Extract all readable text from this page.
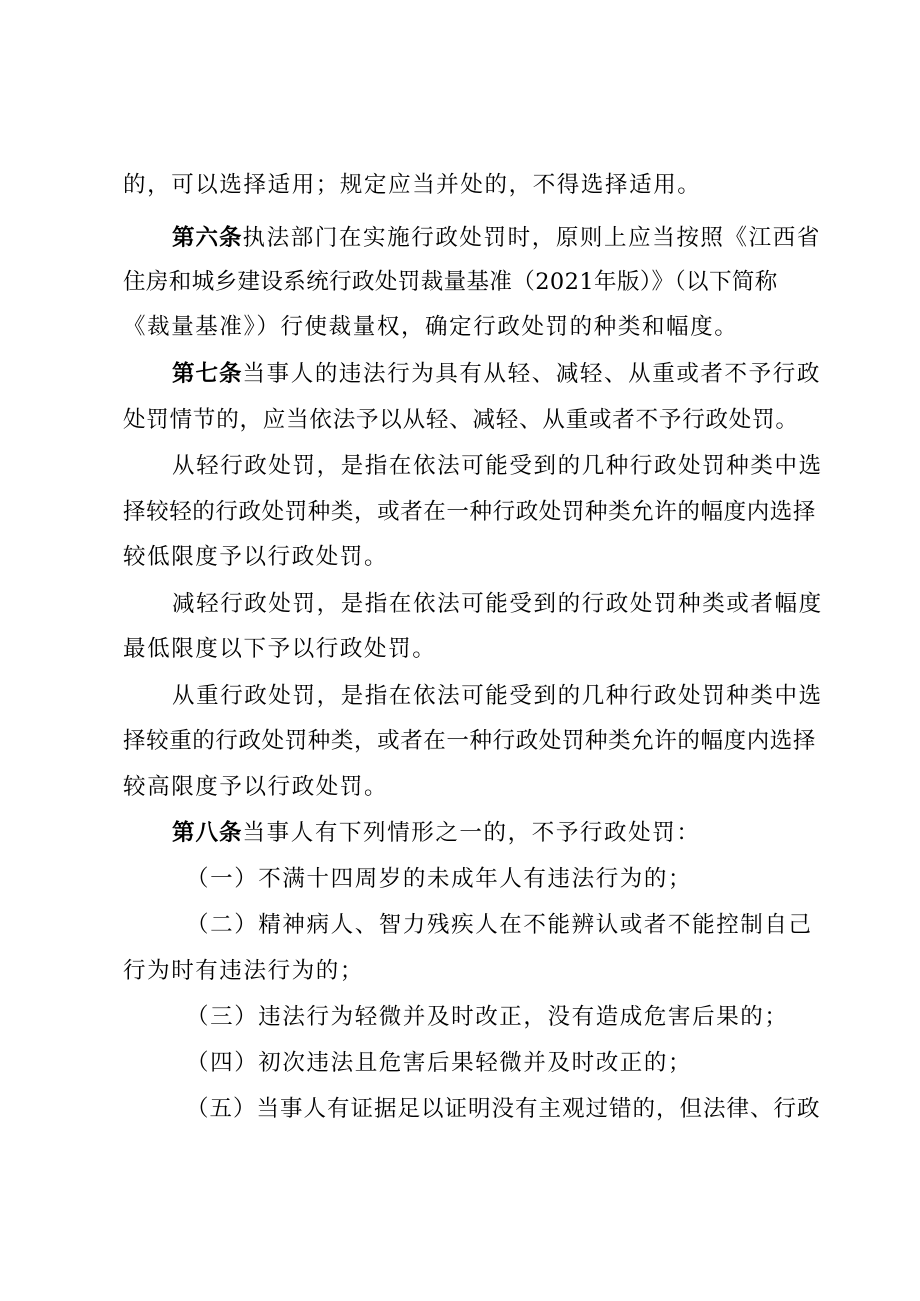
的，可以选择适用；规定应当并处的，不得选择适用。
第六条执法部门在实施行政处罚时，原则上应当按照《江西省
住房和城乡建设系统行政处罚裁量基准（2021年版）》（以下简称
《裁量基准》）行使裁量权，确定行政处罚的种类和幅度。
第七条当事人的违法行为具有从轻、减轻、从重或者不予行政
处罚情节的，应当依法予以从轻、减轻、从重或者不予行政处罚。
从轻行政处罚，是指在依法可能受到的几种行政处罚种类中选
择较轻的行政处罚种类，或者在一种行政处罚种类允许的幅度内选择
较低限度予以行政处罚。
减轻行政处罚，是指在依法可能受到的行政处罚种类或者幅度
最低限度以下予以行政处罚。
从重行政处罚，是指在依法可能受到的几种行政处罚种类中选
择较重的行政处罚种类，或者在一种行政处罚种类允许的幅度内选择
较高限度予以行政处罚。
第八条当事人有下列情形之一的，不予行政处罚：
（一）不满十四周岁的未成年人有违法行为的；
（二）精神病人、智力残疾人在不能辨认或者不能控制自己
行为时有违法行为的；
（三）违法行为轻微并及时改正，没有造成危害后果的；
（四）初次违法且危害后果轻微并及时改正的；
（五）当事人有证据足以证明没有主观过错的，但法律、行政
